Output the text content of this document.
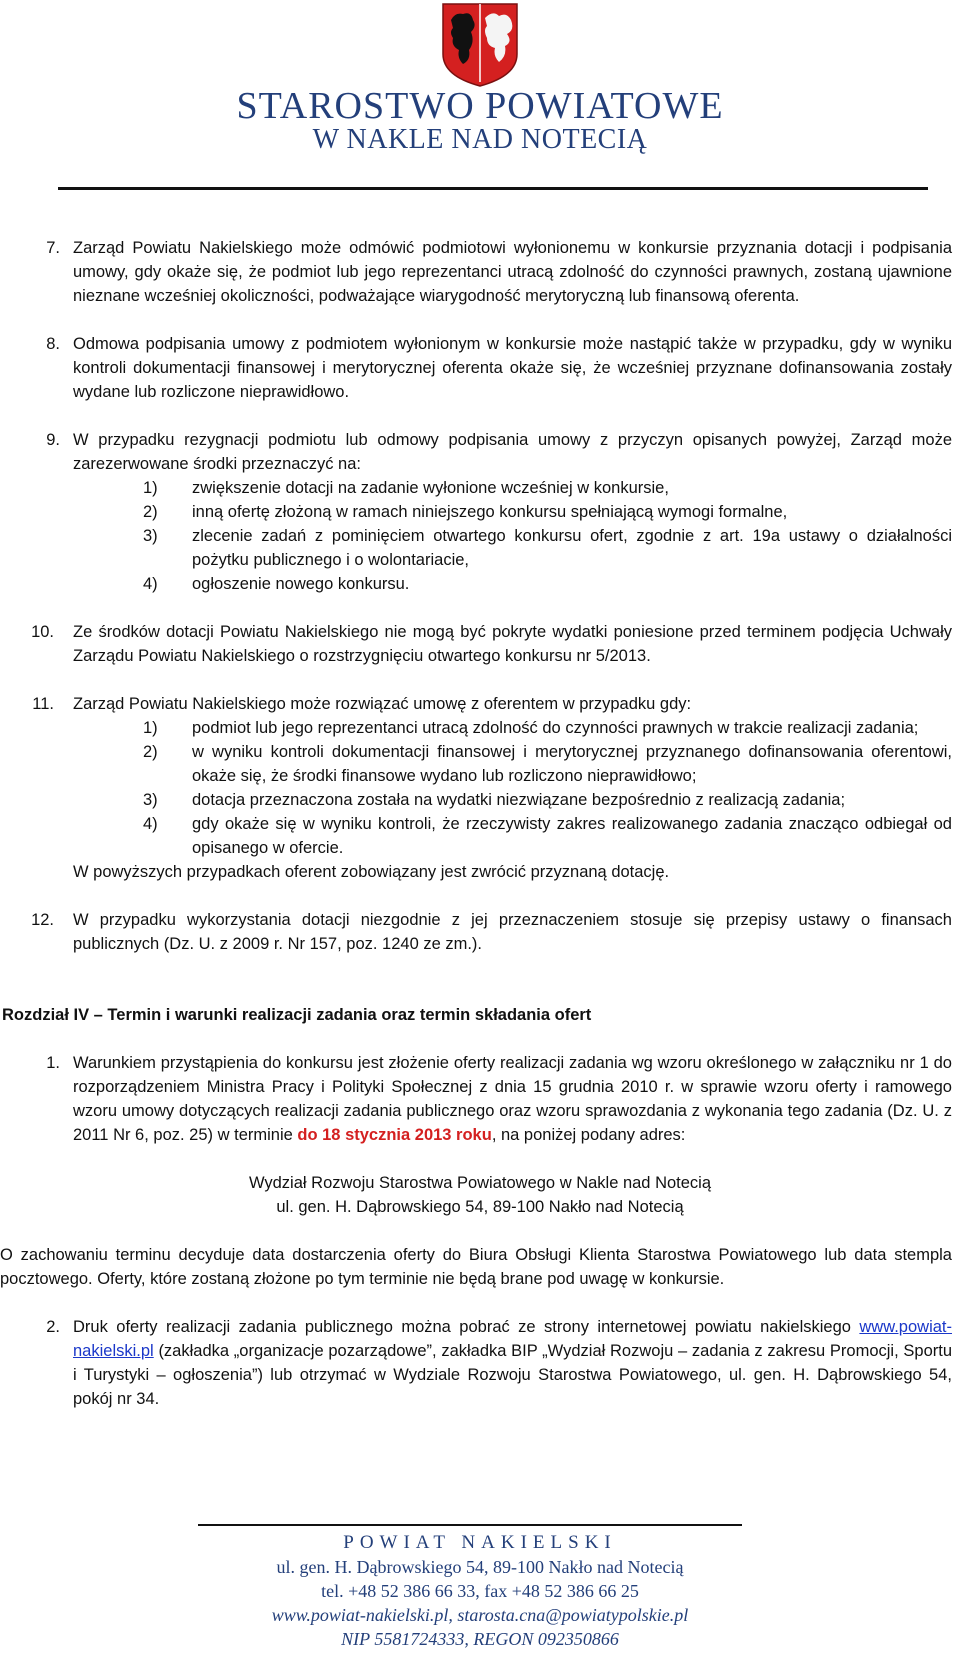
STAROSTWO POWIATOWE
W NAKLE NAD NOTECIĄ
7. Zarząd Powiatu Nakielskiego może odmówić podmiotowi wyłonionemu w konkursie przyznania dotacji i podpisania umowy, gdy okaże się, że podmiot lub jego reprezentanci utracą zdolność do czynności prawnych, zostaną ujawnione nieznane wcześniej okoliczności, podważające wiarygodność merytoryczną lub finansową oferenta.
8. Odmowa podpisania umowy z podmiotem wyłonionym w konkursie może nastąpić także w przypadku, gdy w wyniku kontroli dokumentacji finansowej i merytorycznej oferenta okaże się, że wcześniej przyznane dofinansowania zostały wydane lub rozliczone nieprawidłowo.
9. W przypadku rezygnacji podmiotu lub odmowy podpisania umowy z przyczyn opisanych powyżej, Zarząd może zarezerwowane środki przeznaczyć na:
1) zwiększenie dotacji na zadanie wyłonione wcześniej w konkursie,
2) inną ofertę złożoną w ramach niniejszego konkursu spełniającą wymogi formalne,
3) zlecenie zadań z pominięciem otwartego konkursu ofert, zgodnie z art. 19a ustawy o działalności pożytku publicznego i o wolontariacie,
4) ogłoszenie nowego konkursu.
10. Ze środków dotacji Powiatu Nakielskiego nie mogą być pokryte wydatki poniesione przed terminem podjęcia Uchwały Zarządu Powiatu Nakielskiego o rozstrzygnięciu otwartego konkursu nr 5/2013.
11. Zarząd Powiatu Nakielskiego może rozwiązać umowę z oferentem w przypadku gdy:
1) podmiot lub jego reprezentanci utracą zdolność do czynności prawnych w trakcie realizacji zadania;
2) w wyniku kontroli dokumentacji finansowej i merytorycznej przyznanego dofinansowania oferentowi, okaże się, że środki finansowe wydano lub rozliczono nieprawidłowo;
3) dotacja przeznaczona została na wydatki niezwiązane bezpośrednio z realizacją zadania;
4) gdy okaże się w wyniku kontroli, że rzeczywisty zakres realizowanego zadania znacząco odbiegał od opisanego w ofercie.
W powyższych przypadkach oferent zobowiązany jest zwrócić przyznaną dotację.
12. W przypadku wykorzystania dotacji niezgodnie z jej przeznaczeniem stosuje się przepisy ustawy o finansach publicznych (Dz. U. z 2009 r. Nr 157, poz. 1240 ze zm.).
Rozdział IV – Termin i warunki realizacji zadania oraz termin składania ofert
1. Warunkiem przystąpienia do konkursu jest złożenie oferty realizacji zadania wg wzoru określonego w załączniku nr 1 do rozporządzeniem Ministra Pracy i Polityki Społecznej z dnia 15 grudnia 2010 r. w sprawie wzoru oferty i ramowego wzoru umowy dotyczących realizacji zadania publicznego oraz wzoru sprawozdania z wykonania tego zadania (Dz. U. z 2011 Nr 6, poz. 25) w terminie do 18 stycznia 2013 roku, na poniżej podany adres:
Wydział Rozwoju Starostwa Powiatowego w Nakle nad Notecią
ul. gen. H. Dąbrowskiego 54, 89-100 Nakło nad Notecią
O zachowaniu terminu decyduje data dostarczenia oferty do Biura Obsługi Klienta Starostwa Powiatowego lub data stempla pocztowego. Oferty, które zostaną złożone po tym terminie nie będą brane pod uwagę w konkursie.
2. Druk oferty realizacji zadania publicznego można pobrać ze strony internetowej powiatu nakielskiego www.powiat-nakielski.pl (zakładka „organizacje pozarządowe”, zakładka BIP „Wydział Rozwoju – zadania z zakresu Promocji, Sportu i Turystyki – ogłoszenia”) lub otrzymać w Wydziale Rozwoju Starostwa Powiatowego, ul. gen. H. Dąbrowskiego 54, pokój nr 34.
POWIAT NAKIELSKI
ul. gen. H. Dąbrowskiego 54, 89-100 Nakło nad Notecią
tel. +48 52 386 66 33, fax +48 52 386 66 25
www.powiat-nakielski.pl, starosta.cna@powiatypolskie.pl
NIP 5581724333, REGON 092350866
